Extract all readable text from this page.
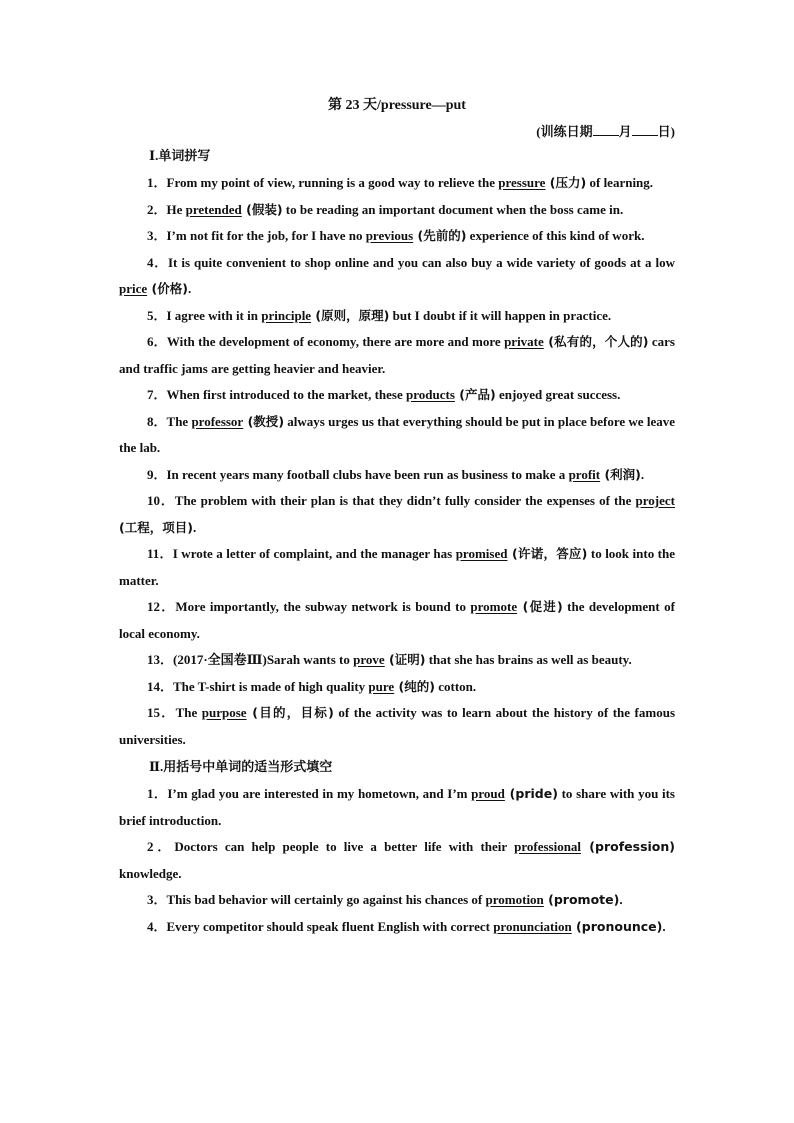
第 23 天/pressure—put
(训练日期 月 日)
Ⅰ.单词拼写

1．From my point of view, running is a good way to relieve the pressure (压力) of learning.

2．He pretended (假装) to be reading an important document when the boss came in.

3．I’m not fit for the job, for I have no previous (先前的) experience of this kind of work.

4．It is quite convenient to shop online and you can also buy a wide variety of goods at a low price (价格).

5．I agree with it in principle (原则，原理) but I doubt if it will happen in practice.

6．With the development of economy, there are more and more private (私有的，个人的) cars and traffic jams are getting heavier and heavier.

7．When first introduced to the market, these products (产品) enjoyed great success.

8．The professor (教授) always urges us that everything should be put in place before we leave the lab.

9．In recent years many football clubs have been run as business to make a profit (利润).

10．The problem with their plan is that they didn’t fully consider the expenses of the project (工程，项目).

11．I wrote a letter of complaint, and the manager has promised (许诺，答应) to look into the matter.

12．More importantly, the subway network is bound to promote (促进) the development of local economy.

13．(2017·全国卷Ⅲ)Sarah wants to prove (证明) that she has brains as well as beauty.

14．The T-shirt is made of high quality pure (纯的) cotton.

15．The purpose (目的，目标) of the activity was to learn about the history of the famous universities.

Ⅱ.用括号中单词的适当形式填空

1．I’m glad you are interested in my hometown, and I’m proud (pride) to share with you its brief introduction.

2．Doctors can help people to live a better life with their professional (profession) knowledge.

3．This bad behavior will certainly go against his chances of promotion (promote).

4．Every competitor should speak fluent English with correct pronunciation (pronounce).
